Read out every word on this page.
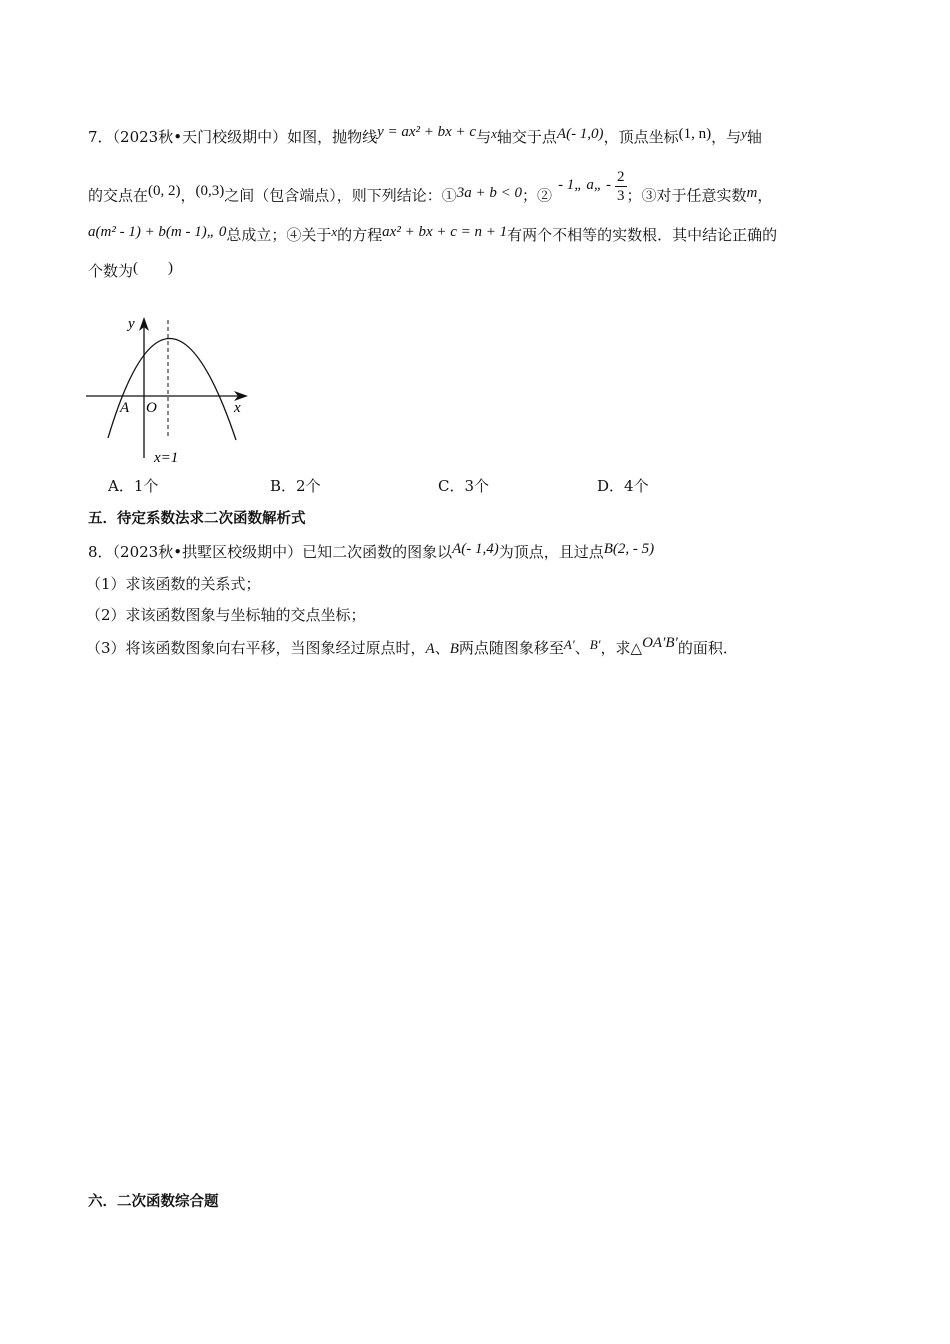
7．（2023秋•天门校级期中）如图，抛物线y = ax² + bx + c与x轴交于点A(- 1,0)，顶点坐标(1, n)，与y轴
的交点在(0, 2)，(0,3)之间（包含端点），则下列结论：①3a + b < 0；②- 1„ a„ - $\frac{2}{3}$ ；③对于任意实数m，
a(m² - 1) + b(m - 1)„ 0总成立；④关于x的方程ax² + bx + c = n + 1有两个不相等的实数根．其中结论正确的
个数为(　　)
y
x
A O
x=1
A．1个	B．2个	C．3个	D．4个
五．待定系数法求二次函数解析式
8．（2023秋•拱墅区校级期中）已知二次函数的图象以A(- 1,4)为顶点，且过点B(2, - 5)
（1）求该函数的关系式；
（2）求该函数图象与坐标轴的交点坐标；
（3）将该函数图象向右平移，当图象经过原点时，A、B两点随图象移至A′、B′，求△OA′B′的面积．
六．二次函数综合题
